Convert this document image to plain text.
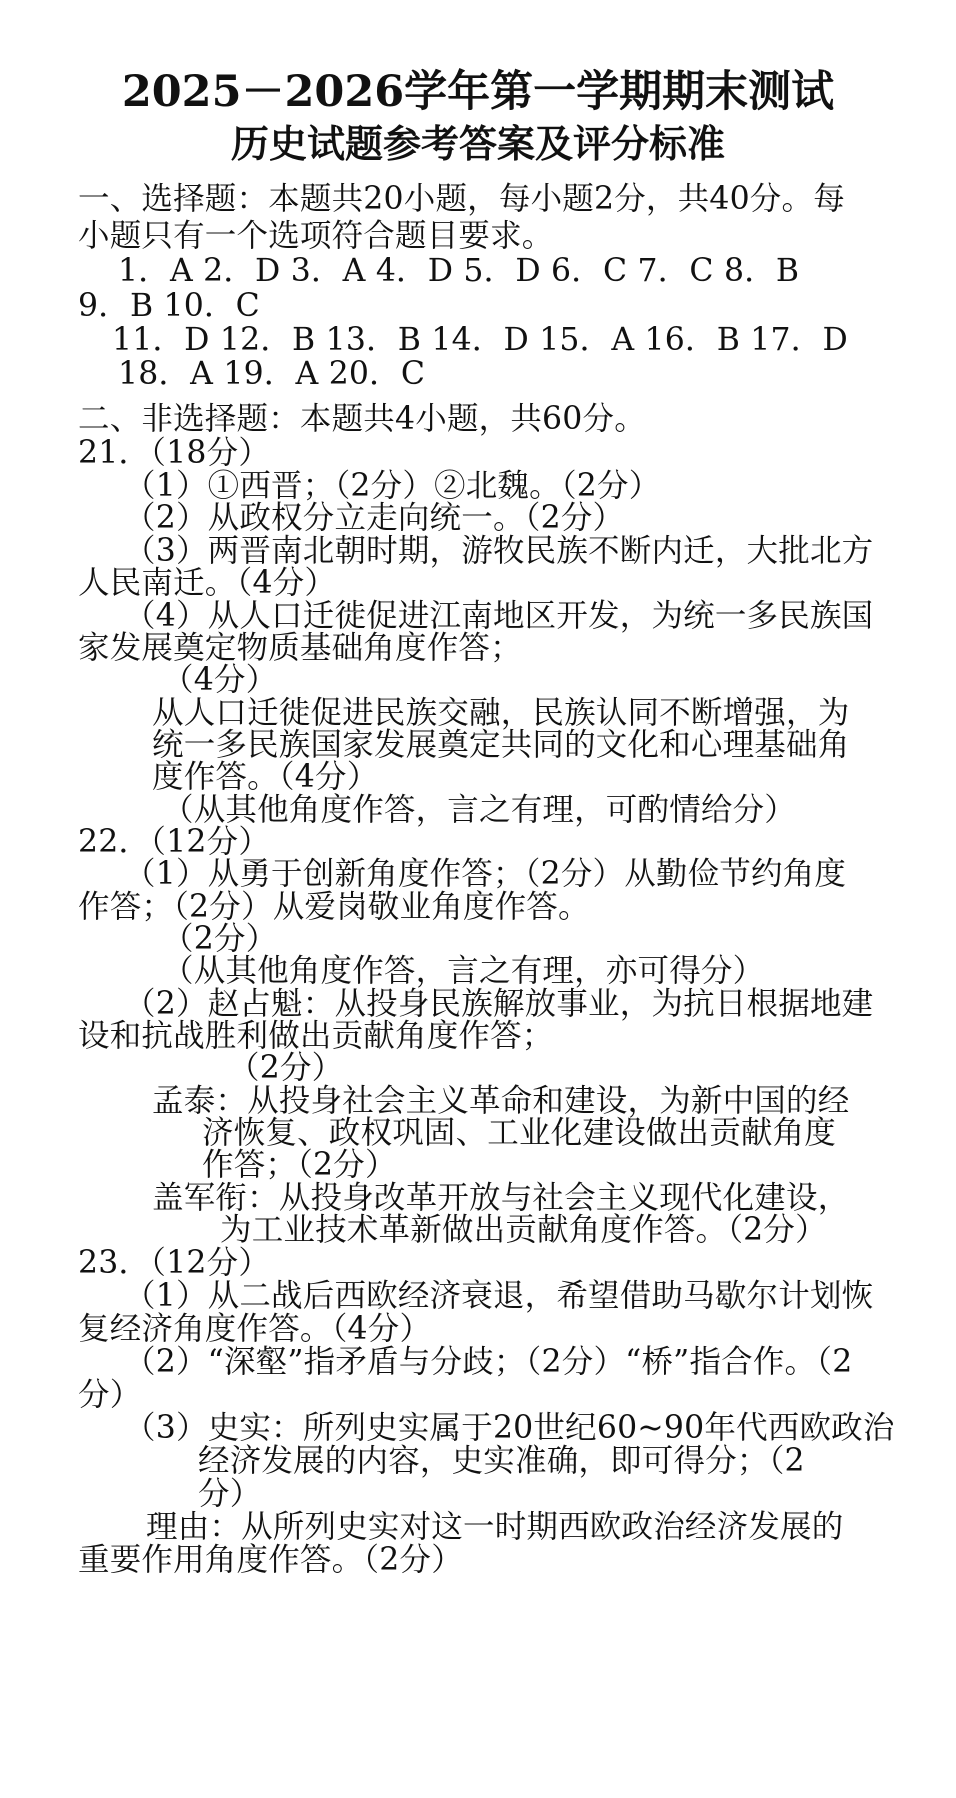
2025－2026学年第一学期期末测试
历史试题参考答案及评分标准
一、选择题：本题共20小题，每小题2分，共40分。每
小题只有一个选项符合题目要求。
1．A 2．D 3．A 4．D 5．D 6．C 7．C 8．B
9．B 10．C
11．D 12．B 13．B 14．D 15．A 16．B 17．D
18．A 19．A 20．C
二、非选择题：本题共4小题，共60分。
21．（18分）
（1）①西晋；（2分）②北魏。（2分）
（2）从政权分立走向统一。（2分）
（3）两晋南北朝时期，游牧民族不断内迁，大批北方
人民南迁。（4分）
（4）从人口迁徙促进江南地区开发，为统一多民族国
家发展奠定物质基础角度作答；
（4分）
从人口迁徙促进民族交融，民族认同不断增强，为
统一多民族国家发展奠定共同的文化和心理基础角
度作答。（4分）
（从其他角度作答，言之有理，可酌情给分）
22．（12分）
（1）从勇于创新角度作答；（2分）从勤俭节约角度
作答；（2分）从爱岗敬业角度作答。
（2分）
（从其他角度作答，言之有理，亦可得分）
（2）赵占魁：从投身民族解放事业，为抗日根据地建
设和抗战胜利做出贡献角度作答；
（2分）
孟泰：从投身社会主义革命和建设，为新中国的经
济恢复、政权巩固、工业化建设做出贡献角度
作答；（2分）
盖军衔：从投身改革开放与社会主义现代化建设，
为工业技术革新做出贡献角度作答。（2分）
23．（12分）
（1）从二战后西欧经济衰退，希望借助马歇尔计划恢
复经济角度作答。（4分）
（2）“深壑”指矛盾与分歧；（2分）“桥”指合作。（2
分）
（3）史实：所列史实属于20世纪60~90年代西欧政治
经济发展的内容，史实准确，即可得分；（2
分）
理由：从所列史实对这一时期西欧政治经济发展的
重要作用角度作答。（2分）
